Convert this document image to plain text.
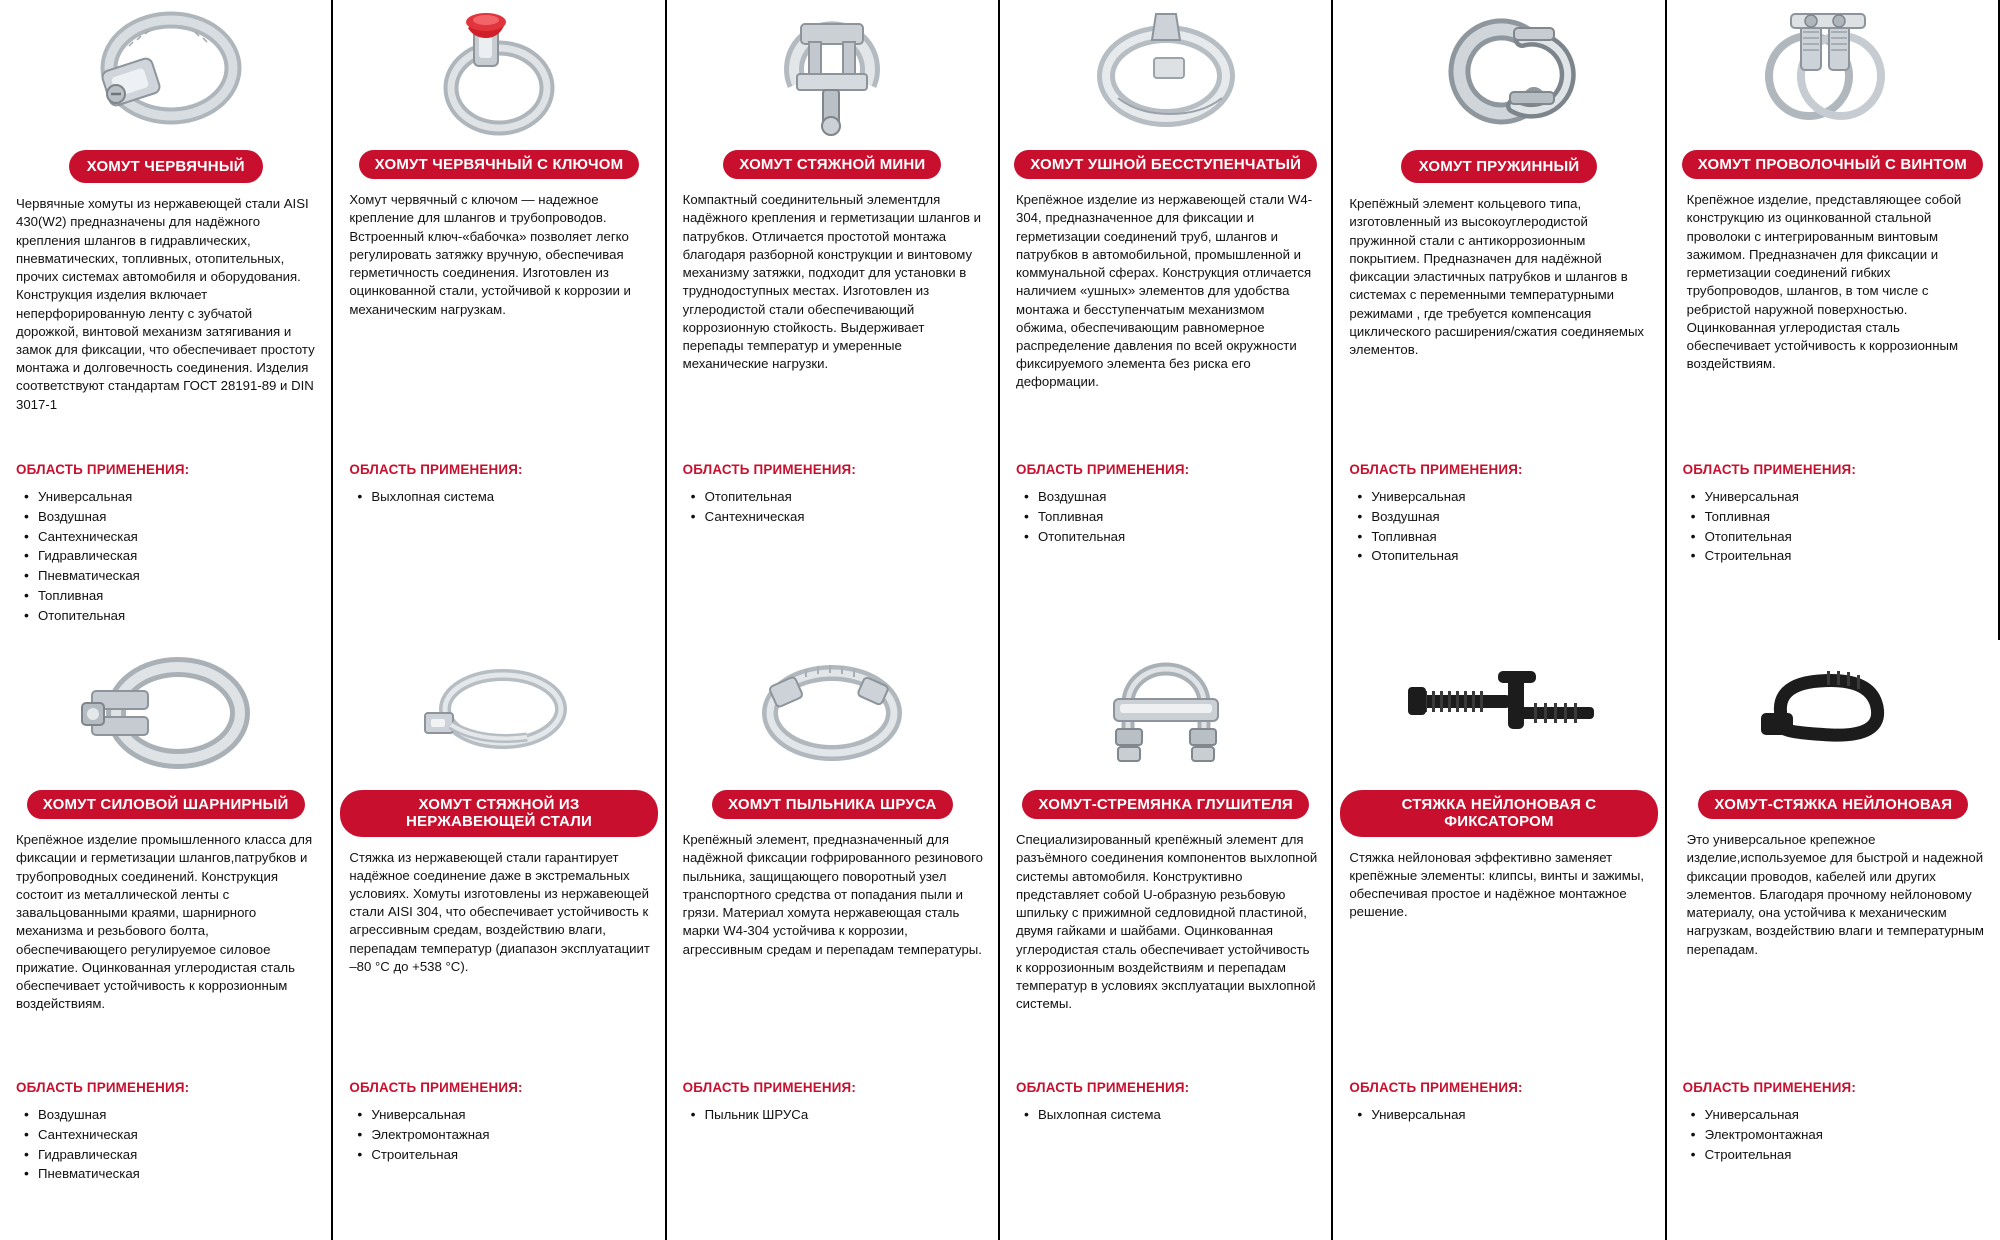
ХОМУТ ЧЕРВЯЧНЫЙ
Червячные хомуты из нержавеющей стали AISI 430(W2) предназначены для надёжного крепления шлангов в гидравлических, пневматических, топливных, отопительных, прочих системах автомобиля и оборудования. Конструкция изделия включает неперфорированную ленту с зубчатой дорожкой, винтовой механизм затягивания и замок для фиксации, что обеспечивает простоту монтажа и долговечность соединения. Изделия соответствуют стандартам ГОСТ 28191-89 и DIN 3017-1
ОБЛАСТЬ ПРИМЕНЕНИЯ:
• Универсальная
• Воздушная
• Сантехническая
• Гидравлическая
• Пневматическая
• Топливная
• Отопительная
ХОМУТ ЧЕРВЯЧНЫЙ С КЛЮЧОМ
Хомут червячный с ключом — надежное крепление для шлангов и трубопроводов. Встроенный ключ-«бабочка» позволяет легко регулировать затяжку вручную, обеспечивая герметичность соединения. Изготовлен из оцинкованной стали, устойчивой к коррозии и механическим нагрузкам.
ОБЛАСТЬ ПРИМЕНЕНИЯ:
• Выхлопная система
ХОМУТ СТЯЖНОЙ МИНИ
Компактный соединительный элементдля надёжного крепления и герметизации шлангов и патрубков. Отличается простотой монтажа благодаря разборной конструкции и винтовому механизму затяжки, подходит для установки в труднодоступных местах. Изготовлен из углеродистой стали обеспечивающий коррозионную стойкость. Выдерживает перепады температур и умеренные механические нагрузки.
ОБЛАСТЬ ПРИМЕНЕНИЯ:
• Отопительная
• Сантехническая
ХОМУТ УШНОЙ БЕССТУПЕНЧАТЫЙ
Крепёжное изделие из нержавеющей стали W4-304, предназначенное для фиксации и герметизации соединений труб, шлангов и патрубков в автомобильной, промышленной и коммунальной сферах. Конструкция отличается наличием «ушных» элементов для удобства монтажа и бесступенчатым механизмом обжима, обеспечивающим равномерное распределение давления по всей окружности фиксируемого элемента без риска его деформации.
ОБЛАСТЬ ПРИМЕНЕНИЯ:
• Воздушная
• Топливная
• Отопительная
ХОМУТ ПРУЖИННЫЙ
Крепёжный элемент кольцевого типа, изготовленный из высокоуглеродистой пружинной стали с антикоррозионным покрытием. Предназначен для надёжной фиксации эластичных патрубков и шлангов в системах с переменными температурными режимами , где требуется компенсация циклического расширения/сжатия соединяемых элементов.
ОБЛАСТЬ ПРИМЕНЕНИЯ:
• Универсальная
• Воздушная
• Топливная
• Отопительная
ХОМУТ ПРОВОЛОЧНЫЙ С ВИНТОМ
Крепёжное изделие, представляющее собой конструкцию из оцинкованной стальной проволоки с интегрированным винтовым зажимом. Предназначен для фиксации и герметизации соединений гибких трубопроводов, шлангов, в том числе с ребристой наружной поверхностью. Оцинкованная углеродистая сталь обеспечивает устойчивость к коррозионным воздействиям.
ОБЛАСТЬ ПРИМЕНЕНИЯ:
• Универсальная
• Топливная
• Отопительная
• Строительная
ХОМУТ СИЛОВОЙ ШАРНИРНЫЙ
Крепёжное изделие промышленного класса для фиксации и герметизации шлангов,патрубков и трубопроводных соединений. Конструкция состоит из металлической ленты с завальцованными краями, шарнирного механизма и резьбового болта, обеспечивающего регулируемое силовое прижатие. Оцинкованная углеродистая сталь обеспечивает устойчивость к коррозионным воздействиям.
ОБЛАСТЬ ПРИМЕНЕНИЯ:
• Воздушная
• Сантехническая
• Гидравлическая
• Пневматическая
ХОМУТ СТЯЖНОЙ ИЗ НЕРЖАВЕЮЩЕЙ СТАЛИ
Стяжка из нержавеющей стали гарантирует надёжное соединение даже в экстремальных условиях. Хомуты изготовлены из нержавеющей стали AISI 304, что обеспечивает устойчивость к агрессивным средам, воздействию влаги, перепадам температур (диапазон эксплуатациит –80 °С до +538 °С).
ОБЛАСТЬ ПРИМЕНЕНИЯ:
• Универсальная
• Электромонтажная
• Строительная
ХОМУТ ПЫЛЬНИКА ШРУСА
Крепёжный элемент, предназначенный для надёжной фиксации гофрированного резинового пыльника, защищающего поворотный узел транспортного средства от попадания пыли и грязи. Материал хомута нержавеющая сталь марки W4-304 устойчива к коррозии, агрессивным средам и перепадам температуры.
ОБЛАСТЬ ПРИМЕНЕНИЯ:
• Пыльник ШРУСа
ХОМУТ-СТРЕМЯНКА ГЛУШИТЕЛЯ
Специализированный крепёжный элемент для разъёмного соединения компонентов выхлопной системы автомобиля. Конструктивно представляет собой U-образную резьбовую шпильку с прижимной седловидной пластиной, двумя гайками и шайбами. Оцинкованная углеродистая сталь обеспечивает устойчивость к коррозионным воздействиям и перепадам температур в условиях эксплуатации выхлопной системы.
ОБЛАСТЬ ПРИМЕНЕНИЯ:
• Выхлопная система
СТЯЖКА НЕЙЛОНОВАЯ С ФИКСАТОРОМ
Стяжка нейлоновая эффективно заменяет крепёжные элементы: клипсы, винты и зажимы, обеспечивая простое и надёжное монтажное решение.
ОБЛАСТЬ ПРИМЕНЕНИЯ:
• Универсальная
ХОМУТ-СТЯЖКА НЕЙЛОНОВАЯ
Это универсальное крепежное изделие,используемое для быстрой и надежной фиксации проводов, кабелей или других элементов. Благодаря прочному нейлоновому материалу, она устойчива к механическим нагрузкам, воздействию влаги и температурным перепадам.
ОБЛАСТЬ ПРИМЕНЕНИЯ:
• Универсальная
• Электромонтажная
• Строительная
